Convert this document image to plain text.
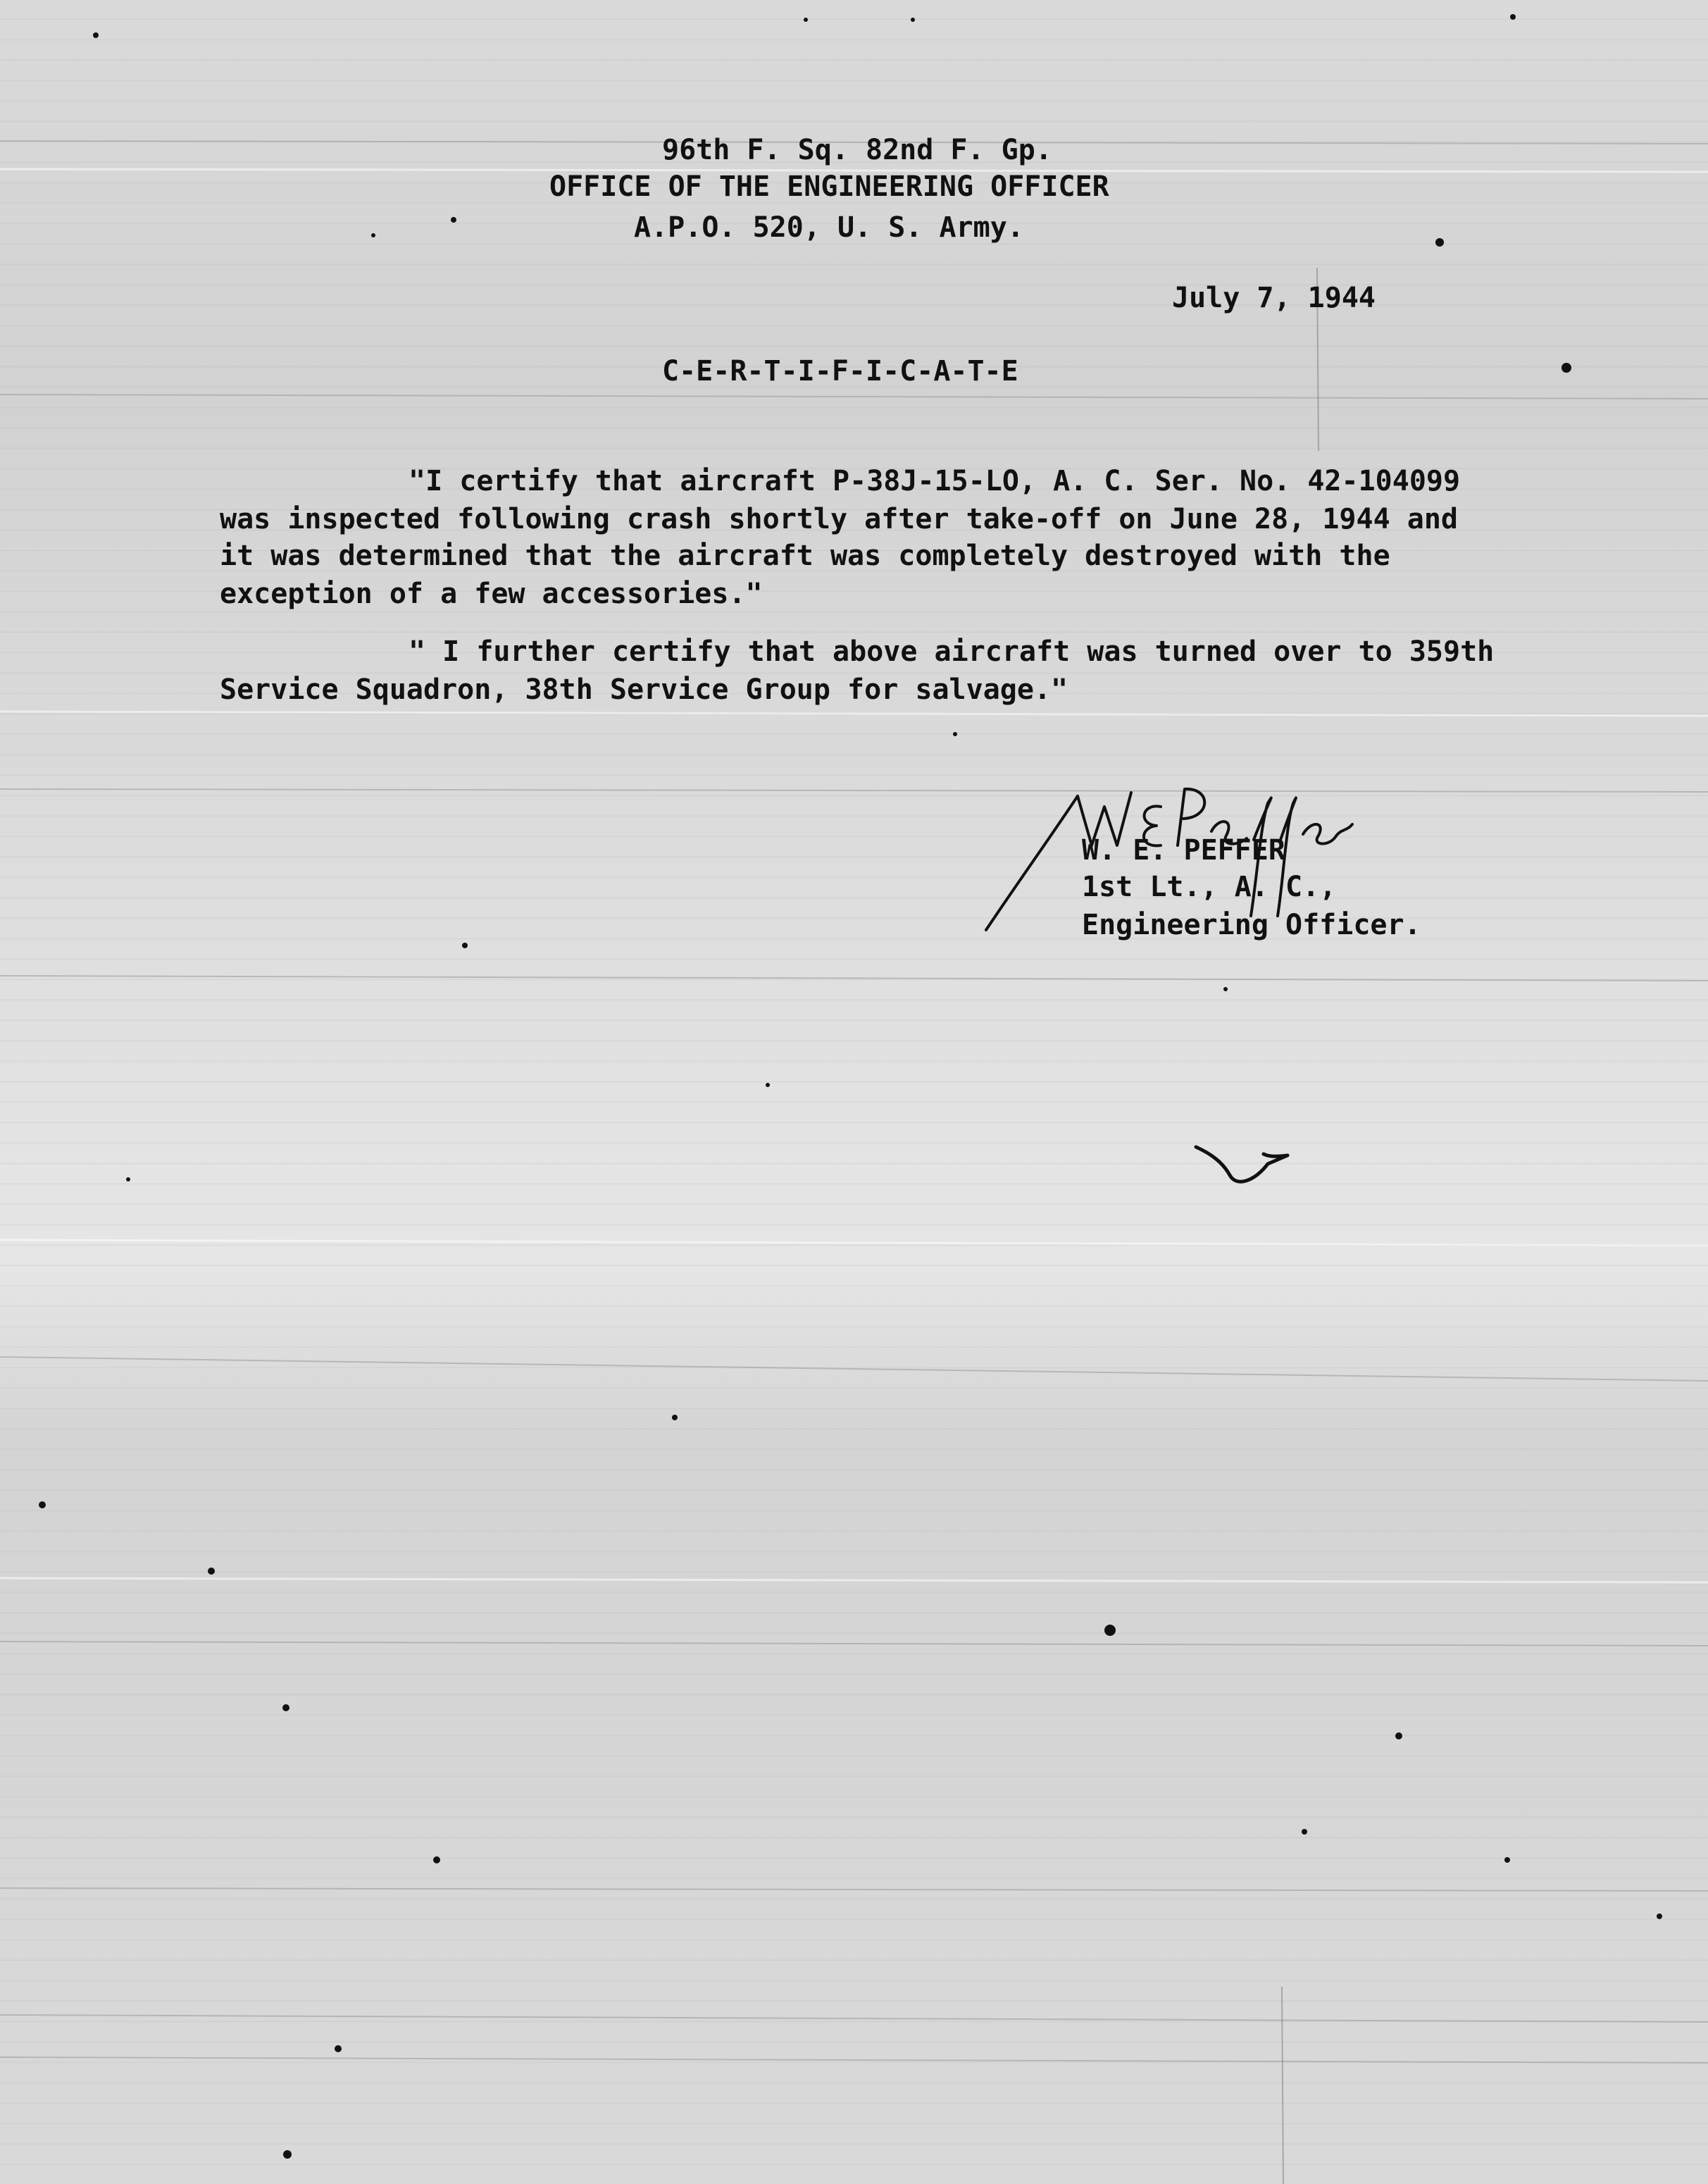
96th F. Sq. 82nd F. Gp.
OFFICE OF THE ENGINEERING OFFICER
A.P.O. 520, U. S. Army.
July 7, 1944
C-E-R-T-I-F-I-C-A-T-E
"I certify that aircraft P-38J-15-LO, A. C. Ser. No. 42-104099
was inspected following crash shortly after take-off on June 28, 1944 and
it was determined that the aircraft was completely destroyed with the
exception of a few accessories."
" I further certify that above aircraft was turned over to 359th
Service Squadron, 38th Service Group for salvage."
W. E. PEFFER
1st Lt., A. C.,
Engineering Officer.
